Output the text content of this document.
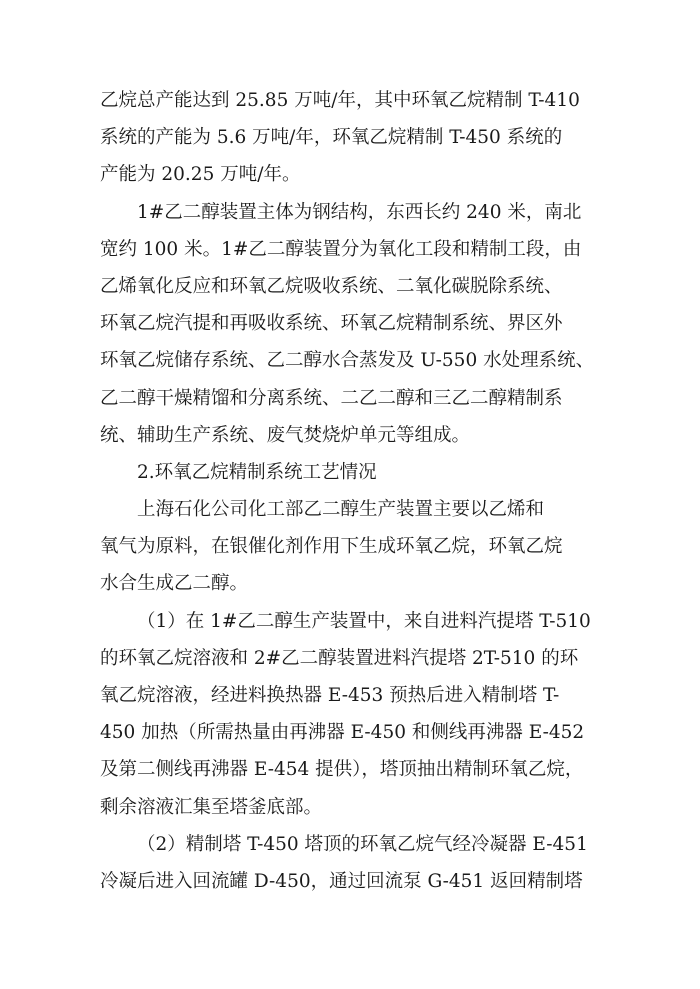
乙烷总产能达到 25.85 万吨/年，其中环氧乙烷精制 T-410
系统的产能为 5.6 万吨/年，环氧乙烷精制 T-450 系统的
产能为 20.25 万吨/年。
1#乙二醇装置主体为钢结构，东西长约 240 米，南北
宽约 100 米。1#乙二醇装置分为氧化工段和精制工段，由
乙烯氧化反应和环氧乙烷吸收系统、二氧化碳脱除系统、
环氧乙烷汽提和再吸收系统、环氧乙烷精制系统、界区外
环氧乙烷储存系统、乙二醇水合蒸发及 U-550 水处理系统、
乙二醇干燥精馏和分离系统、二乙二醇和三乙二醇精制系
统、辅助生产系统、废气焚烧炉单元等组成。
2.环氧乙烷精制系统工艺情况
上海石化公司化工部乙二醇生产装置主要以乙烯和
氧气为原料，在银催化剂作用下生成环氧乙烷，环氧乙烷
水合生成乙二醇。
（1）在 1#乙二醇生产装置中，来自进料汽提塔 T-510
的环氧乙烷溶液和 2#乙二醇装置进料汽提塔 2T-510 的环
氧乙烷溶液，经进料换热器 E-453 预热后进入精制塔 T-
450 加热（所需热量由再沸器 E-450 和侧线再沸器 E-452
及第二侧线再沸器 E-454 提供），塔顶抽出精制环氧乙烷，
剩余溶液汇集至塔釜底部。
（2）精制塔 T-450 塔顶的环氧乙烷气经冷凝器 E-451
冷凝后进入回流罐 D-450，通过回流泵 G-451 返回精制塔
